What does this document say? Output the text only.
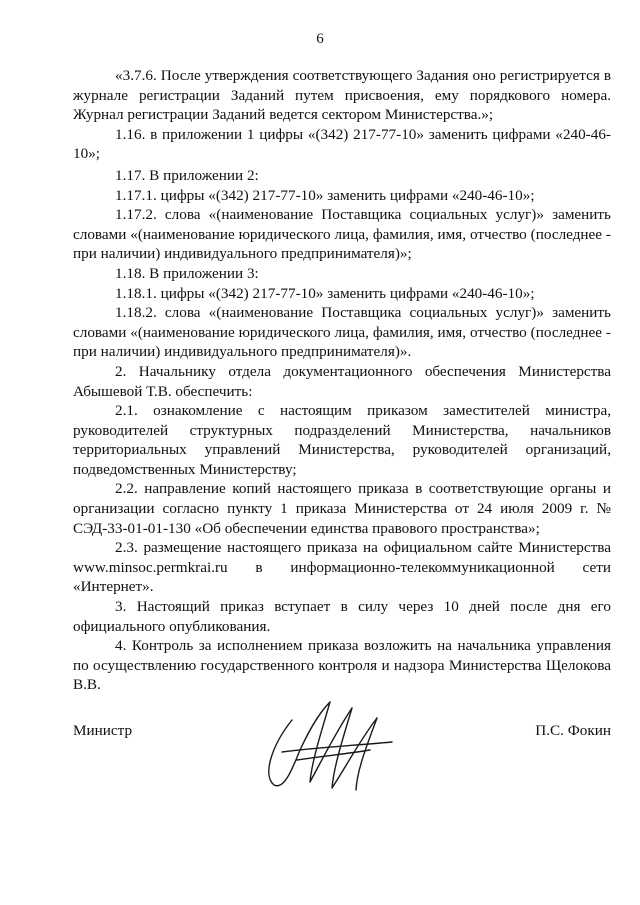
6

«3.7.6. После утверждения соответствующего Задания оно регистрируется в журнале регистрации Заданий путем присвоения, ему порядкового номера. Журнал регистрации Заданий ведется сектором Министерства.»;

1.16. в приложении 1 цифры «(342) 217-77-10» заменить цифрами «240-46-10»;

1.17. В приложении 2:

1.17.1. цифры «(342) 217-77-10» заменить цифрами «240-46-10»;

1.17.2. слова «(наименование Поставщика социальных услуг)» заменить словами «(наименование юридического лица, фамилия, имя, отчество (последнее - при наличии) индивидуального предпринимателя)»;

1.18. В приложении 3:

1.18.1. цифры «(342) 217-77-10» заменить цифрами «240-46-10»;

1.18.2. слова «(наименование Поставщика социальных услуг)» заменить словами «(наименование юридического лица, фамилия, имя, отчество (последнее - при наличии) индивидуального предпринимателя)».

2. Начальнику отдела документационного обеспечения Министерства Абышевой Т.В. обеспечить:

2.1. ознакомление с настоящим приказом заместителей министра, руководителей структурных подразделений Министерства, начальников территориальных управлений Министерства, руководителей организаций, подведомственных Министерству;

2.2. направление копий настоящего приказа в соответствующие органы и организации согласно пункту 1 приказа Министерства от 24 июля 2009 г. № СЭД-33-01-01-130 «Об обеспечении единства правового пространства»;

2.3. размещение настоящего приказа на официальном сайте Министерства www.minsoc.permkrai.ru в информационно-телекоммуникационной сети «Интернет».

3. Настоящий приказ вступает в силу через 10 дней после дня его официального опубликования.

4. Контроль за исполнением приказа возложить на начальника управления по осуществлению государственного контроля и надзора Министерства Щелокова В.В.

Министр	П.С. Фокин
